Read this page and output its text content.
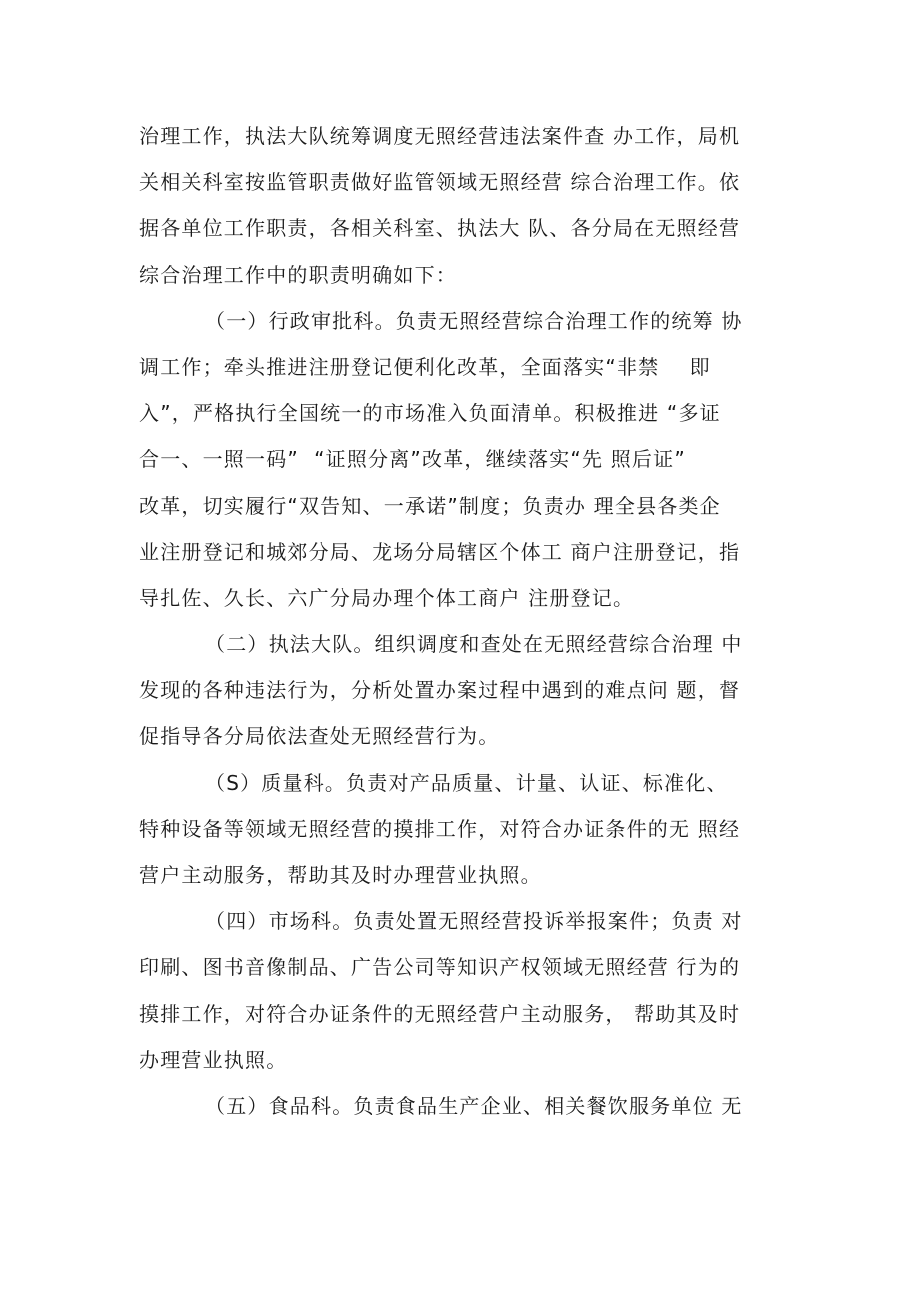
治理工作，执法大队统筹调度无照经营违法案件查 办工作，局机
关相关科室按监管职责做好监管领域无照经营 综合治理工作。依
据各单位工作职责，各相关科室、执法大 队、各分局在无照经营
综合治理工作中的职责明确如下：
（一）行政审批科。负责无照经营综合治理工作的统筹 协
调工作；牵头推进注册登记便利化改革，全面落实“非禁    即
入”，严格执行全国统一的市场准入负面清单。积极推进 “多证
合一、一照一码”  “证照分离”改革，继续落实“先 照后证”
改革，切实履行“双告知、一承诺”制度；负责办 理全县各类企
业注册登记和城郊分局、龙场分局辖区个体工 商户注册登记，指
导扎佐、久长、六广分局办理个体工商户 注册登记。
（二）执法大队。组织调度和查处在无照经营综合治理 中
发现的各种违法行为，分析处置办案过程中遇到的难点问 题，督
促指导各分局依法查处无照经营行为。
（S）质量科。负责对产品质量、计量、认证、标准化、
特种设备等领域无照经营的摸排工作，对符合办证条件的无 照经
营户主动服务，帮助其及时办理营业执照。
（四）市场科。负责处置无照经营投诉举报案件；负责 对
印刷、图书音像制品、广告公司等知识产权领域无照经营 行为的
摸排工作，对符合办证条件的无照经营户主动服务， 帮助其及时
办理营业执照。
（五）食品科。负责食品生产企业、相关餐饮服务单位 无
